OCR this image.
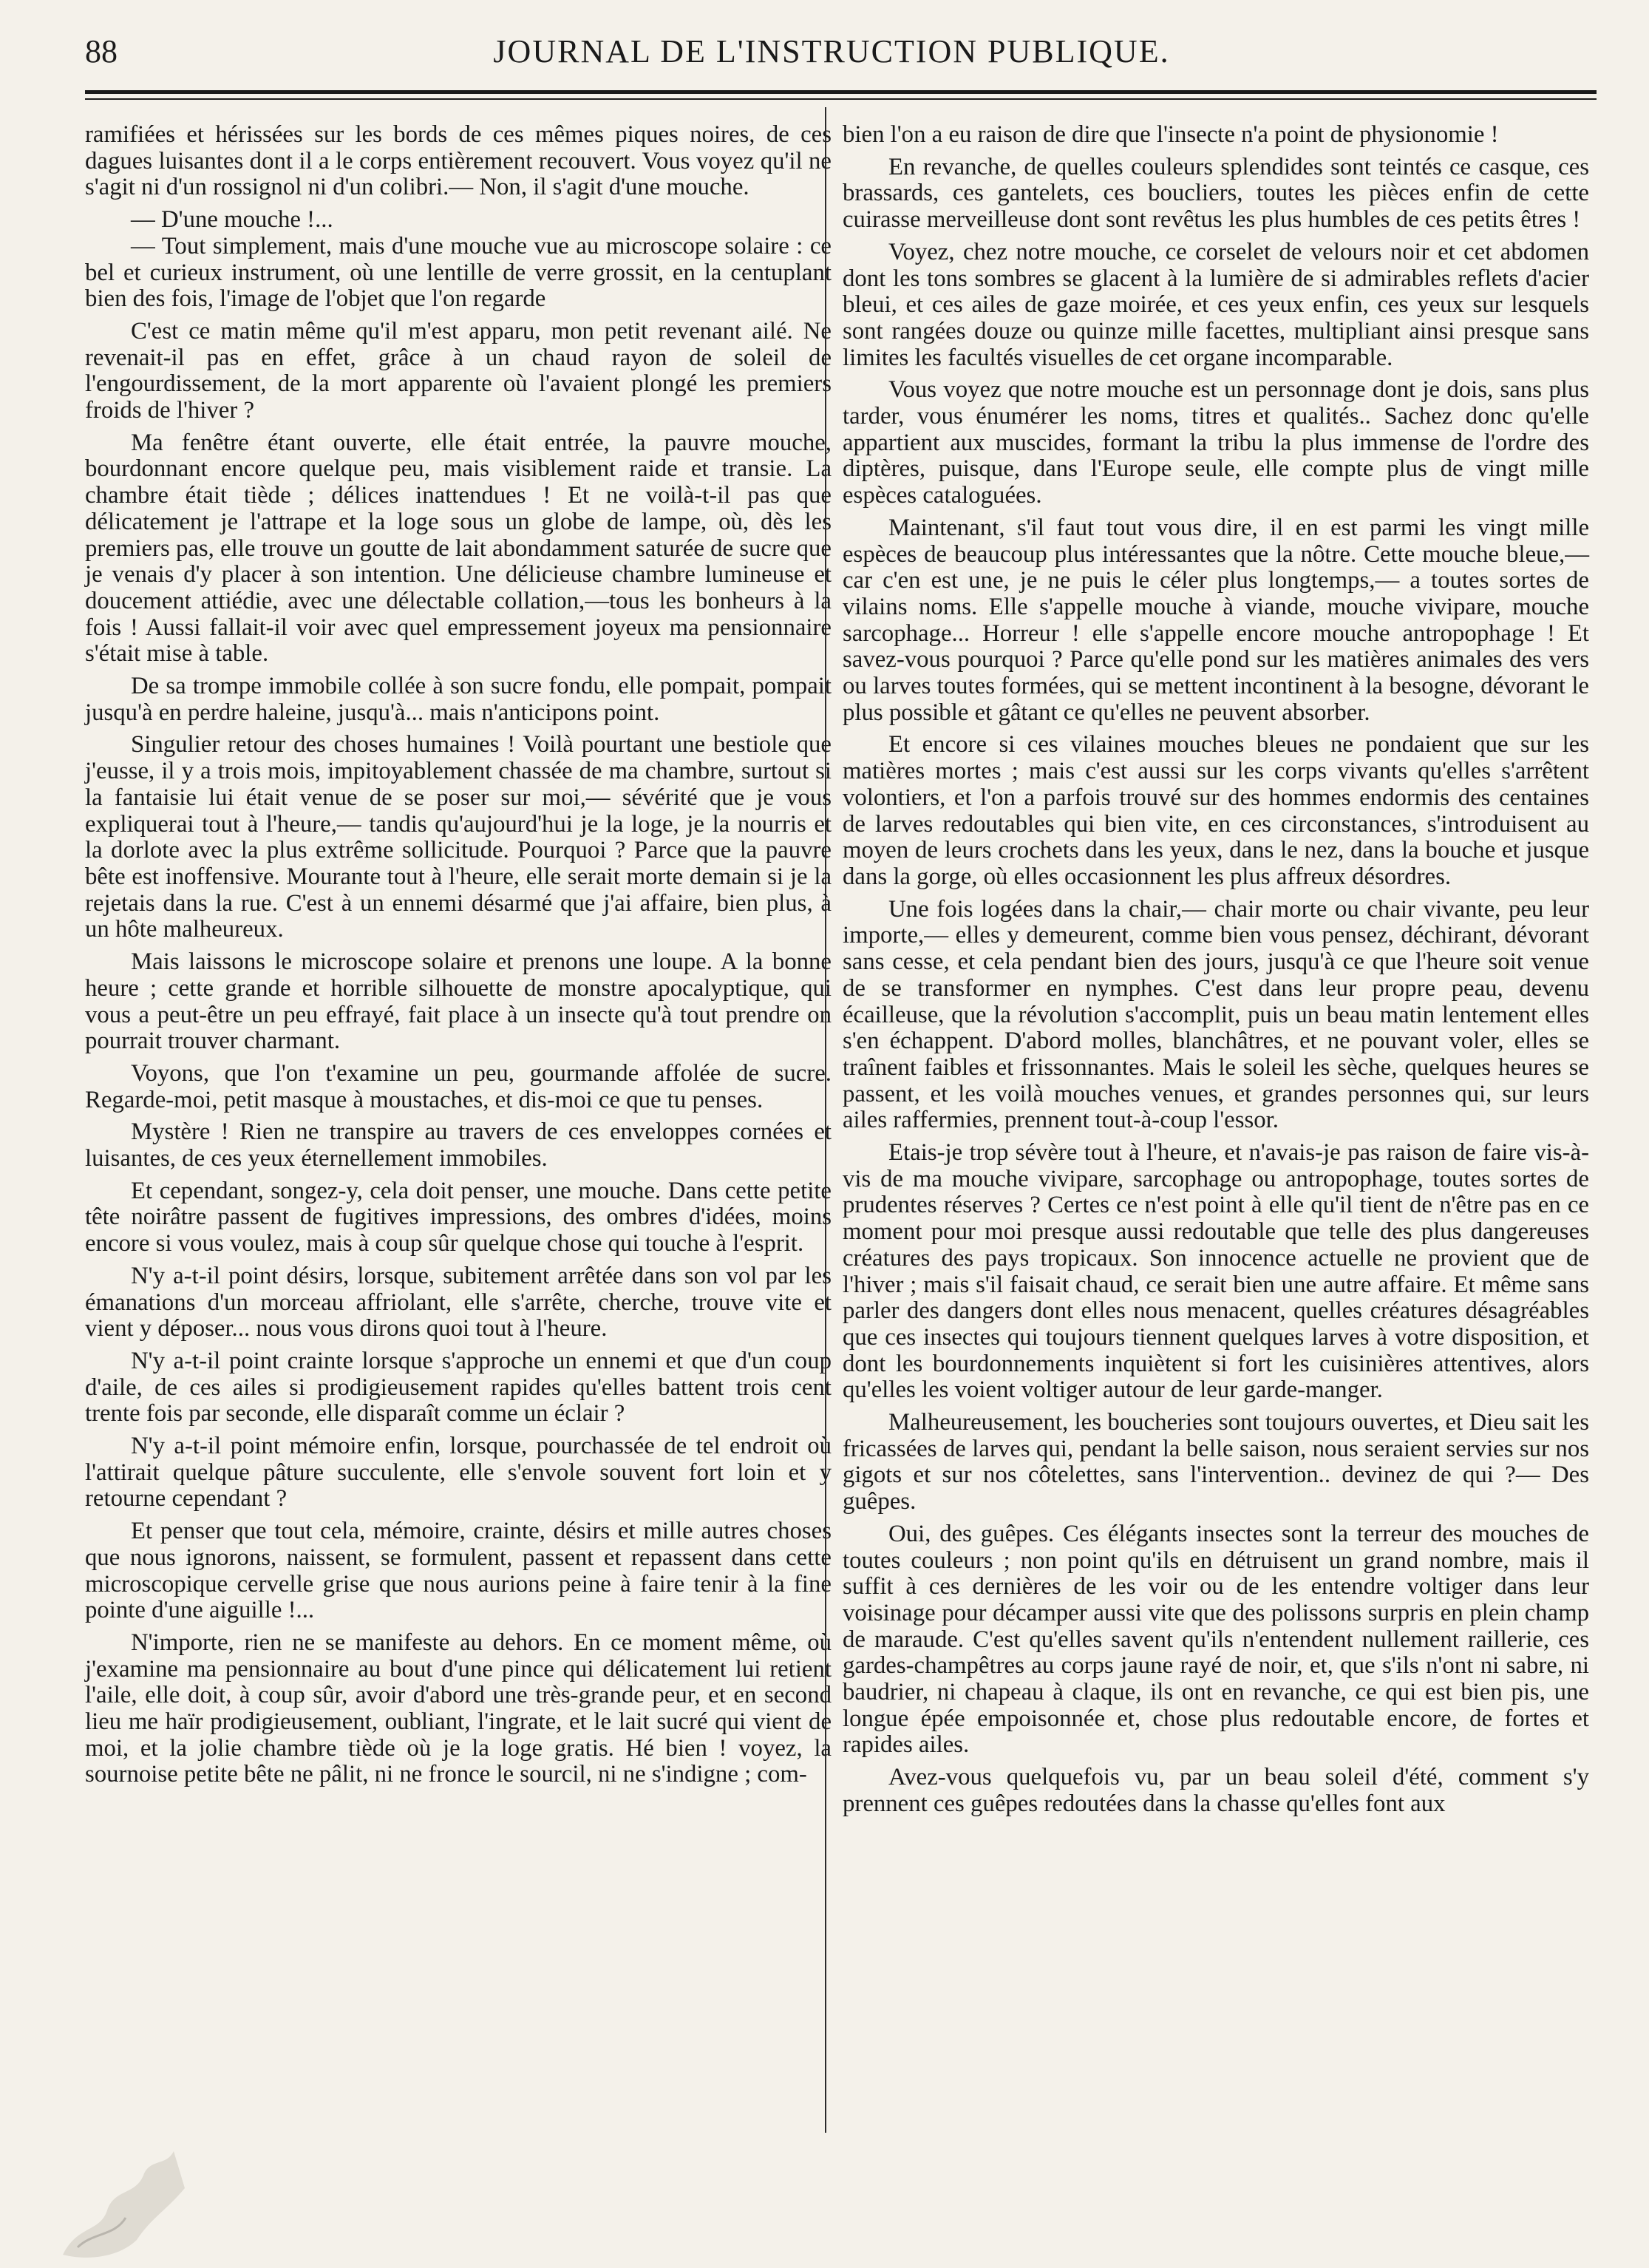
88	JOURNAL DE L'INSTRUCTION PUBLIQUE.

ramifiées et hérissées sur les bords de ces mêmes piques noires, de ces dagues luisantes dont il a le corps entièrement recouvert. Vous voyez qu'il ne s'agit ni d'un rossignol ni d'un colibri.— Non, il s'agit d'une mouche.

— D'une mouche !...

— Tout simplement, mais d'une mouche vue au microscope solaire : ce bel et curieux instrument, où une lentille de verre grossit, en la centuplant bien des fois, l'image de l'objet que l'on regarde

C'est ce matin même qu'il m'est apparu, mon petit revenant ailé. Ne revenait-il pas en effet, grâce à un chaud rayon de soleil de l'engourdissement, de la mort apparente où l'avaient plongé les premiers froids de l'hiver ?

Ma fenêtre étant ouverte, elle était entrée, la pauvre mouche, bourdonnant encore quelque peu, mais visiblement raide et transie. La chambre était tiède ; délices inattendues ! Et ne voilà-t-il pas que délicatement je l'attrape et la loge sous un globe de lampe, où, dès les premiers pas, elle trouve un goutte de lait abondamment saturée de sucre que je venais d'y placer à son intention. Une délicieuse chambre lumineuse et doucement attiédie, avec une délectable collation,—tous les bonheurs à la fois ! Aussi fallait-il voir avec quel empressement joyeux ma pensionnaire s'était mise à table.

De sa trompe immobile collée à son sucre fondu, elle pompait, pompait jusqu'à en perdre haleine, jusqu'à... mais n'anticipons point.

Singulier retour des choses humaines ! Voilà pourtant une bestiole que j'eusse, il y a trois mois, impitoyablement chassée de ma chambre, surtout si la fantaisie lui était venue de se poser sur moi,— sévérité que je vous expliquerai tout à l'heure,— tandis qu'aujourd'hui je la loge, je la nourris et la dorlote avec la plus extrême sollicitude. Pourquoi ? Parce que la pauvre bête est inoffensive. Mourante tout à l'heure, elle serait morte demain si je la rejetais dans la rue. C'est à un ennemi désarmé que j'ai affaire, bien plus, à un hôte malheureux.

Mais laissons le microscope solaire et prenons une loupe. A la bonne heure ; cette grande et horrible silhouette de monstre apocalyptique, qui vous a peut-être un peu effrayé, fait place à un insecte qu'à tout prendre on pourrait trouver charmant.

Voyons, que l'on t'examine un peu, gourmande affolée de sucre. Regarde-moi, petit masque à moustaches, et dis-moi ce que tu penses.

Mystère ! Rien ne transpire au travers de ces enveloppes cornées et luisantes, de ces yeux éternellement immobiles.

Et cependant, songez-y, cela doit penser, une mouche. Dans cette petite tête noirâtre passent de fugitives impressions, des ombres d'idées, moins encore si vous voulez, mais à coup sûr quelque chose qui touche à l'esprit.

N'y a-t-il point désirs, lorsque, subitement arrêtée dans son vol par les émanations d'un morceau affriolant, elle s'arrête, cherche, trouve vite et vient y déposer... nous vous dirons quoi tout à l'heure.

N'y a-t-il point crainte lorsque s'approche un ennemi et que d'un coup d'aile, de ces ailes si prodigieusement rapides qu'elles battent trois cent trente fois par seconde, elle disparaît comme un éclair ?

N'y a-t-il point mémoire enfin, lorsque, pourchassée de tel endroit où l'attirait quelque pâture succulente, elle s'envole souvent fort loin et y retourne cependant ?

Et penser que tout cela, mémoire, crainte, désirs et mille autres choses que nous ignorons, naissent, se formulent, passent et repassent dans cette microscopique cervelle grise que nous aurions peine à faire tenir à la fine pointe d'une aiguille !...

N'importe, rien ne se manifeste au dehors. En ce moment même, où j'examine ma pensionnaire au bout d'une pince qui délicatement lui retient l'aile, elle doit, à coup sûr, avoir d'abord une très-grande peur, et en second lieu me haïr prodigieusement, oubliant, l'ingrate, et le lait sucré qui vient de moi, et la jolie chambre tiède où je la loge gratis. Hé bien ! voyez, la sournoise petite bête ne pâlit, ni ne fronce le sourcil, ni ne s'indigne ; com-

bien l'on a eu raison de dire que l'insecte n'a point de physionomie !

En revanche, de quelles couleurs splendides sont teintés ce casque, ces brassards, ces gantelets, ces boucliers, toutes les pièces enfin de cette cuirasse merveilleuse dont sont revêtus les plus humbles de ces petits êtres !

Voyez, chez notre mouche, ce corselet de velours noir et cet abdomen dont les tons sombres se glacent à la lumière de si admirables reflets d'acier bleui, et ces ailes de gaze moirée, et ces yeux enfin, ces yeux sur lesquels sont rangées douze ou quinze mille facettes, multipliant ainsi presque sans limites les facultés visuelles de cet organe incomparable.

Vous voyez que notre mouche est un personnage dont je dois, sans plus tarder, vous énumérer les noms, titres et qualités.. Sachez donc qu'elle appartient aux muscides, formant la tribu la plus immense de l'ordre des diptères, puisque, dans l'Europe seule, elle compte plus de vingt mille espèces cataloguées.

Maintenant, s'il faut tout vous dire, il en est parmi les vingt mille espèces de beaucoup plus intéressantes que la nôtre. Cette mouche bleue,— car c'en est une, je ne puis le céler plus longtemps,— a toutes sortes de vilains noms. Elle s'appelle mouche à viande, mouche vivipare, mouche sarcophage... Horreur ! elle s'appelle encore mouche antropophage ! Et savez-vous pourquoi ? Parce qu'elle pond sur les matières animales des vers ou larves toutes formées, qui se mettent incontinent à la besogne, dévorant le plus possible et gâtant ce qu'elles ne peuvent absorber.

Et encore si ces vilaines mouches bleues ne pondaient que sur les matières mortes ; mais c'est aussi sur les corps vivants qu'elles s'arrêtent volontiers, et l'on a parfois trouvé sur des hommes endormis des centaines de larves redoutables qui bien vite, en ces circonstances, s'introduisent au moyen de leurs crochets dans les yeux, dans le nez, dans la bouche et jusque dans la gorge, où elles occasionnent les plus affreux désordres.

Une fois logées dans la chair,— chair morte ou chair vivante, peu leur importe,— elles y demeurent, comme bien vous pensez, déchirant, dévorant sans cesse, et cela pendant bien des jours, jusqu'à ce que l'heure soit venue de se transformer en nymphes. C'est dans leur propre peau, devenu écailleuse, que la révolution s'accomplit, puis un beau matin lentement elles s'en échappent. D'abord molles, blanchâtres, et ne pouvant voler, elles se traînent faibles et frissonnantes. Mais le soleil les sèche, quelques heures se passent, et les voilà mouches venues, et grandes personnes qui, sur leurs ailes raffermies, prennent tout-à-coup l'essor.

Etais-je trop sévère tout à l'heure, et n'avais-je pas raison de faire vis-à-vis de ma mouche vivipare, sarcophage ou antropophage, toutes sortes de prudentes réserves ? Certes ce n'est point à elle qu'il tient de n'être pas en ce moment pour moi presque aussi redoutable que telle des plus dangereuses créatures des pays tropicaux. Son innocence actuelle ne provient que de l'hiver ; mais s'il faisait chaud, ce serait bien une autre affaire. Et même sans parler des dangers dont elles nous menacent, quelles créatures désagréables que ces insectes qui toujours tiennent quelques larves à votre disposition, et dont les bourdonnements inquiètent si fort les cuisinières attentives, alors qu'elles les voient voltiger autour de leur garde-manger.

Malheureusement, les boucheries sont toujours ouvertes, et Dieu sait les fricassées de larves qui, pendant la belle saison, nous seraient servies sur nos gigots et sur nos côtelettes, sans l'intervention.. devinez de qui ?— Des guêpes.

Oui, des guêpes. Ces élégants insectes sont la terreur des mouches de toutes couleurs ; non point qu'ils en détruisent un grand nombre, mais il suffit à ces dernières de les voir ou de les entendre voltiger dans leur voisinage pour décamper aussi vite que des polissons surpris en plein champ de maraude. C'est qu'elles savent qu'ils n'entendent nullement raillerie, ces gardes-champêtres au corps jaune rayé de noir, et, que s'ils n'ont ni sabre, ni baudrier, ni chapeau à claque, ils ont en revanche, ce qui est bien pis, une longue épée empoisonnée et, chose plus redoutable encore, de fortes et rapides ailes.

Avez-vous quelquefois vu, par un beau soleil d'été, comment s'y prennent ces guêpes redoutées dans la chasse qu'elles font aux
